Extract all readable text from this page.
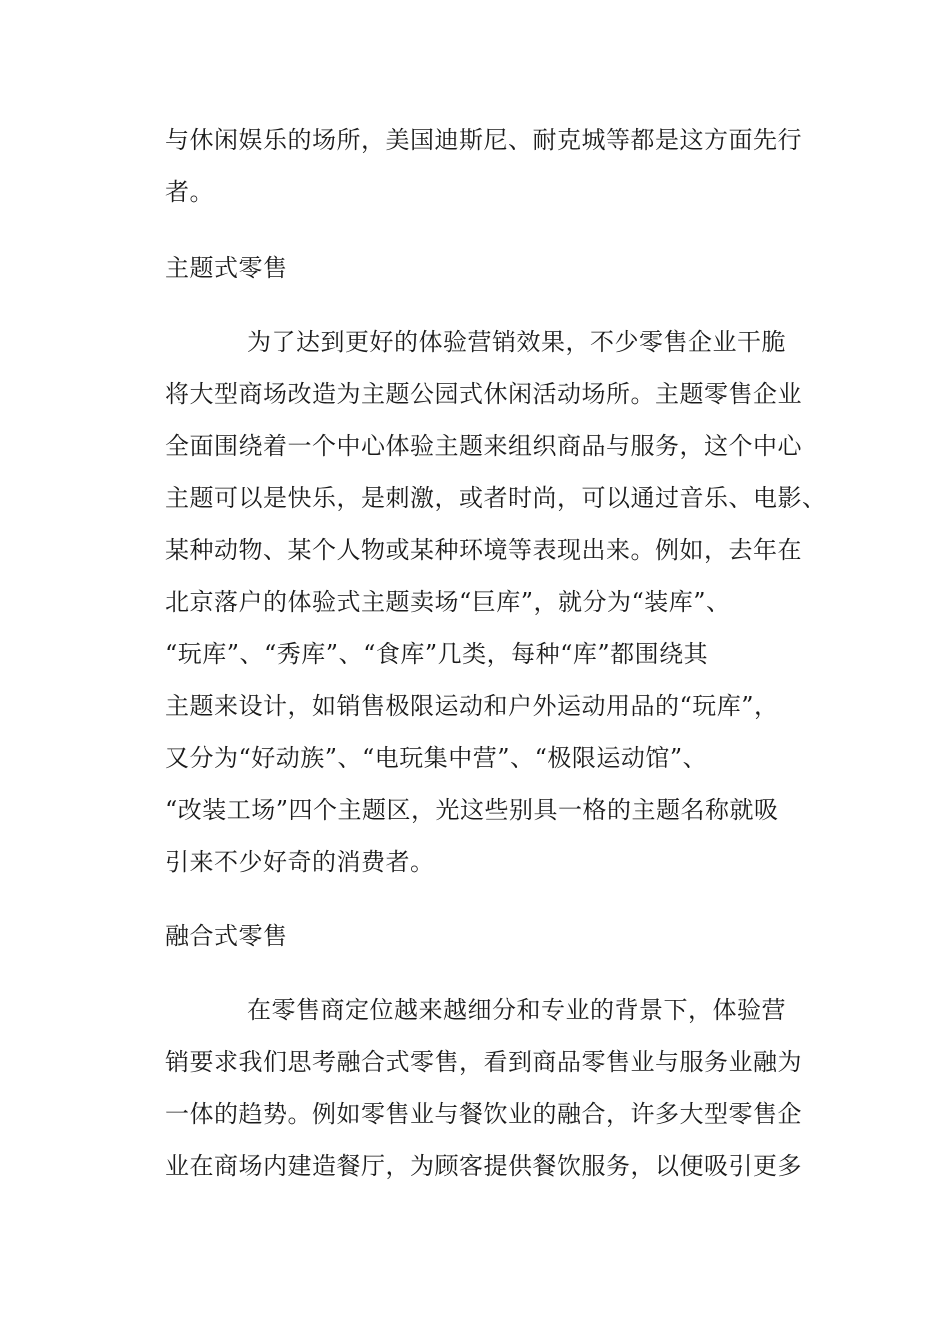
与休闲娱乐的场所，美国迪斯尼、耐克城等都是这方面先行
者。
主题式零售
为了达到更好的体验营销效果，不少零售企业干脆
将大型商场改造为主题公园式休闲活动场所。主题零售企业
全面围绕着一个中心体验主题来组织商品与服务，这个中心
主题可以是快乐，是刺激，或者时尚，可以通过音乐、电影、
某种动物、某个人物或某种环境等表现出来。例如，去年在
北京落户的体验式主题卖场“巨库”，就分为“装库”、
“玩库”、“秀库”、“食库”几类，每种“库”都围绕其
主题来设计，如销售极限运动和户外运动用品的“玩库”，
又分为“好动族”、“电玩集中营”、“极限运动馆”、
“改装工场”四个主题区，光这些别具一格的主题名称就吸
引来不少好奇的消费者。
融合式零售
在零售商定位越来越细分和专业的背景下，体验营
销要求我们思考融合式零售，看到商品零售业与服务业融为
一体的趋势。例如零售业与餐饮业的融合，许多大型零售企
业在商场内建造餐厅，为顾客提供餐饮服务，以便吸引更多
